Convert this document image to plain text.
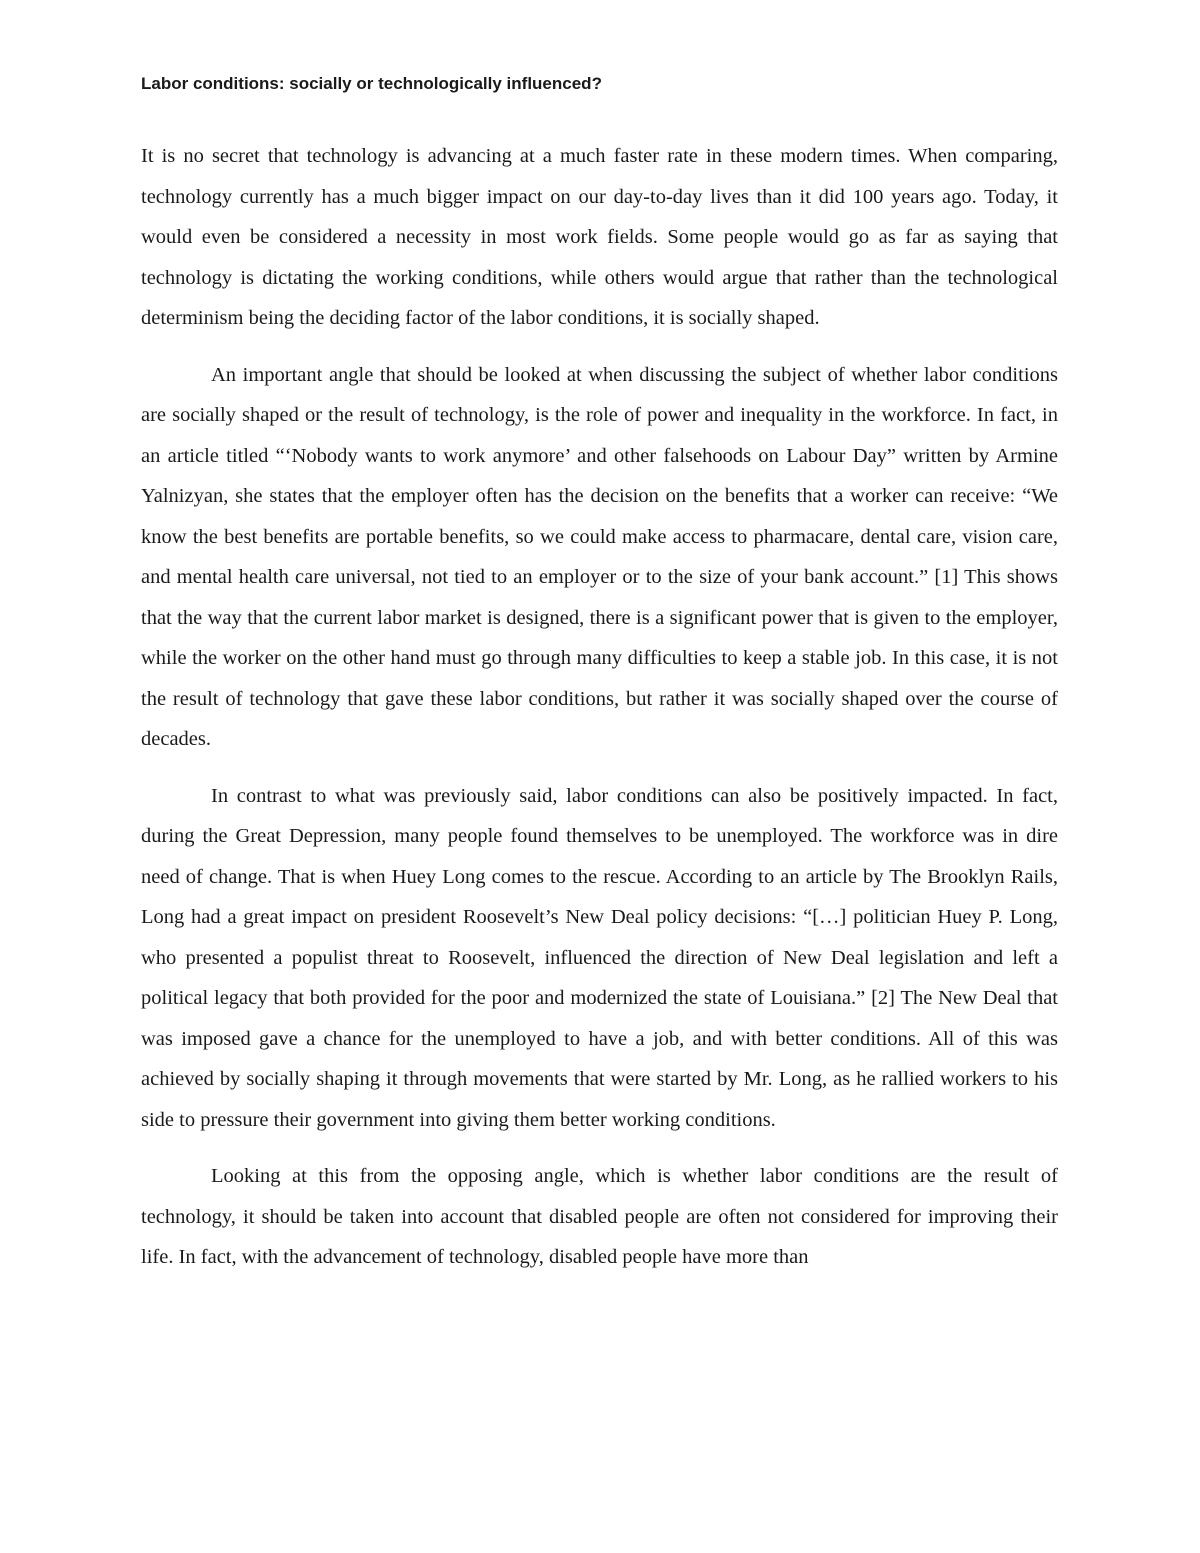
Labor conditions: socially or technologically influenced?

It is no secret that technology is advancing at a much faster rate in these modern times. When comparing, technology currently has a much bigger impact on our day-to-day lives than it did 100 years ago. Today, it would even be considered a necessity in most work fields. Some people would go as far as saying that technology is dictating the working conditions, while others would argue that rather than the technological determinism being the deciding factor of the labor conditions, it is socially shaped.

An important angle that should be looked at when discussing the subject of whether labor conditions are socially shaped or the result of technology, is the role of power and inequality in the workforce. In fact, in an article titled “‘Nobody wants to work anymore’ and other falsehoods on Labour Day” written by Armine Yalnizyan, she states that the employer often has the decision on the benefits that a worker can receive: “We know the best benefits are portable benefits, so we could make access to pharmacare, dental care, vision care, and mental health care universal, not tied to an employer or to the size of your bank account.” [1] This shows that the way that the current labor market is designed, there is a significant power that is given to the employer, while the worker on the other hand must go through many difficulties to keep a stable job. In this case, it is not the result of technology that gave these labor conditions, but rather it was socially shaped over the course of decades.

In contrast to what was previously said, labor conditions can also be positively impacted. In fact, during the Great Depression, many people found themselves to be unemployed. The workforce was in dire need of change. That is when Huey Long comes to the rescue. According to an article by The Brooklyn Rails, Long had a great impact on president Roosevelt’s New Deal policy decisions: “[…] politician Huey P. Long, who presented a populist threat to Roosevelt, influenced the direction of New Deal legislation and left a political legacy that both provided for the poor and modernized the state of Louisiana.” [2] The New Deal that was imposed gave a chance for the unemployed to have a job, and with better conditions. All of this was achieved by socially shaping it through movements that were started by Mr. Long, as he rallied workers to his side to pressure their government into giving them better working conditions.

Looking at this from the opposing angle, which is whether labor conditions are the result of technology, it should be taken into account that disabled people are often not considered for improving their life. In fact, with the advancement of technology, disabled people have more than
